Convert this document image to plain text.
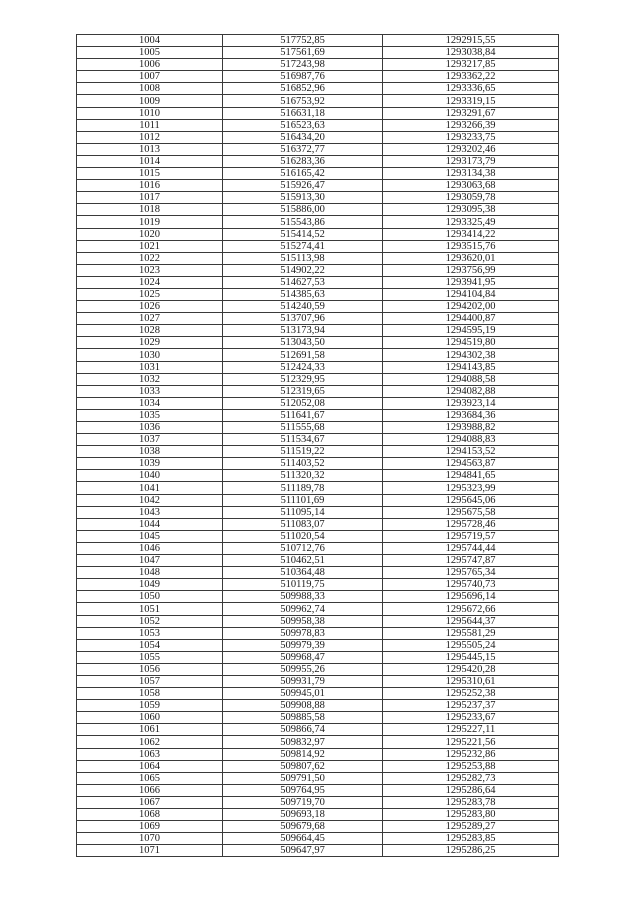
1004	517752,85	1292915,55
1005	517561,69	1293038,84
1006	517243,98	1293217,85
1007	516987,76	1293362,22
1008	516852,96	1293336,65
1009	516753,92	1293319,15
1010	516631,18	1293291,67
1011	516523,63	1293266,39
1012	516434,20	1293233,75
1013	516372,77	1293202,46
1014	516283,36	1293173,79
1015	516165,42	1293134,38
1016	515926,47	1293063,68
1017	515913,30	1293059,78
1018	515886,00	1293095,38
1019	515543,86	1293325,49
1020	515414,52	1293414,22
1021	515274,41	1293515,76
1022	515113,98	1293620,01
1023	514902,22	1293756,99
1024	514627,53	1293941,95
1025	514385,63	1294104,84
1026	514240,59	1294202,00
1027	513707,96	1294400,87
1028	513173,94	1294595,19
1029	513043,50	1294519,80
1030	512691,58	1294302,38
1031	512424,33	1294143,85
1032	512329,95	1294088,58
1033	512319,65	1294082,88
1034	512052,08	1293923,14
1035	511641,67	1293684,36
1036	511555,68	1293988,82
1037	511534,67	1294088,83
1038	511519,22	1294153,52
1039	511403,52	1294563,87
1040	511320,32	1294841,65
1041	511189,78	1295323,99
1042	511101,69	1295645,06
1043	511095,14	1295675,58
1044	511083,07	1295728,46
1045	511020,54	1295719,57
1046	510712,76	1295744,44
1047	510462,51	1295747,87
1048	510364,48	1295765,34
1049	510119,75	1295740,73
1050	509988,33	1295696,14
1051	509962,74	1295672,66
1052	509958,38	1295644,37
1053	509978,83	1295581,29
1054	509979,39	1295505,24
1055	509968,47	1295445,15
1056	509955,26	1295420,28
1057	509931,79	1295310,61
1058	509945,01	1295252,38
1059	509908,88	1295237,37
1060	509885,58	1295233,67
1061	509866,74	1295227,11
1062	509832,97	1295221,56
1063	509814,92	1295232,86
1064	509807,62	1295253,88
1065	509791,50	1295282,73
1066	509764,95	1295286,64
1067	509719,70	1295283,78
1068	509693,18	1295283,80
1069	509679,68	1295289,27
1070	509664,45	1295283,85
1071	509647,97	1295286,25
